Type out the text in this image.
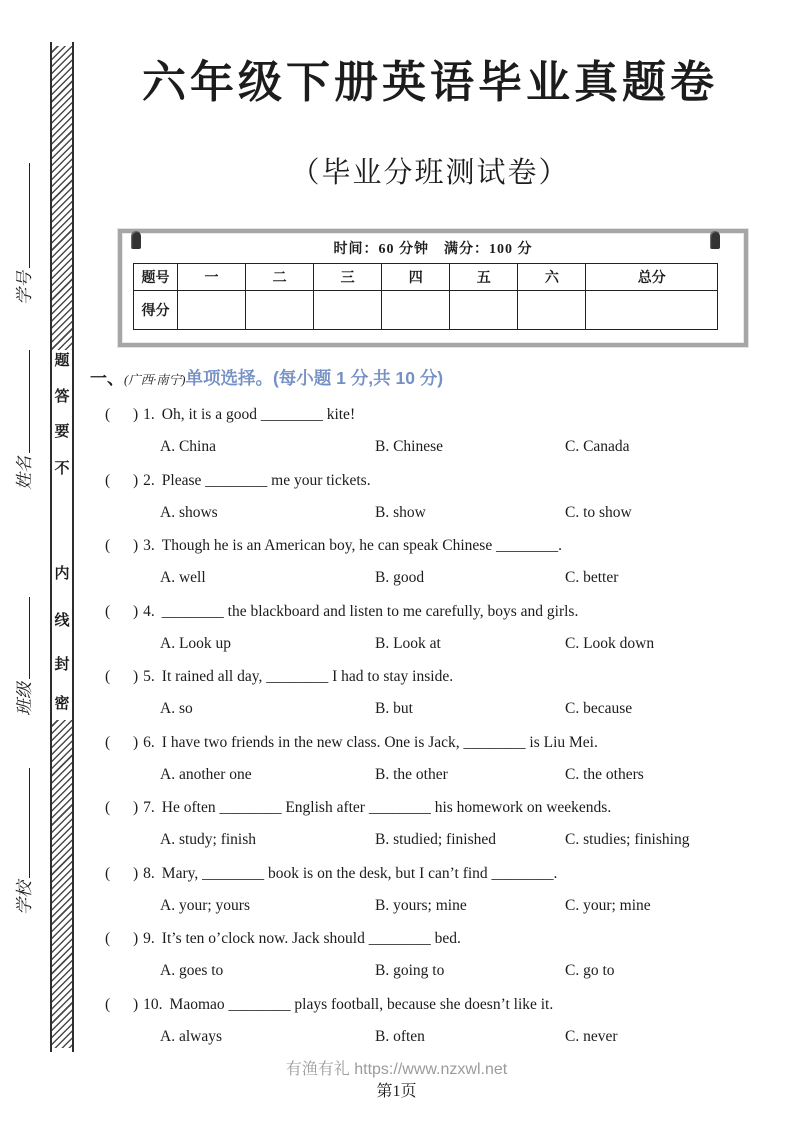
题
答
要
不
内
线
封
密
学号
姓名
班级
学校
六年级下册英语毕业真题卷
（毕业分班测试卷）
时间：60 分钟　满分：100 分
题号	一	二	三	四	五	六	总分
得分							
一、(广西·南宁)单项选择。(每小题 1 分,共 10 分)
( ) 1. Oh, it is a good ________ kite!
A. China	B. Chinese	C. Canada
( ) 2. Please ________ me your tickets.
A. shows	B. show	C. to show
( ) 3. Though he is an American boy, he can speak Chinese ________.
A. well	B. good	C. better
( ) 4. ________ the blackboard and listen to me carefully, boys and girls.
A. Look up	B. Look at	C. Look down
( ) 5. It rained all day, ________ I had to stay inside.
A. so	B. but	C. because
( ) 6. I have two friends in the new class. One is Jack, ________ is Liu Mei.
A. another one	B. the other	C. the others
( ) 7. He often ________ English after ________ his homework on weekends.
A. study; finish	B. studied; finished	C. studies; finishing
( ) 8. Mary, ________ book is on the desk, but I can’t find ________.
A. your; yours	B. yours; mine	C. your; mine
( ) 9. It’s ten o’clock now. Jack should ________ bed.
A. goes to	B. going to	C. go to
( ) 10. Maomao ________ plays football, because she doesn’t like it.
A. always	B. often	C. never
有渔有礼 https://www.nzxwl.net
第1页
